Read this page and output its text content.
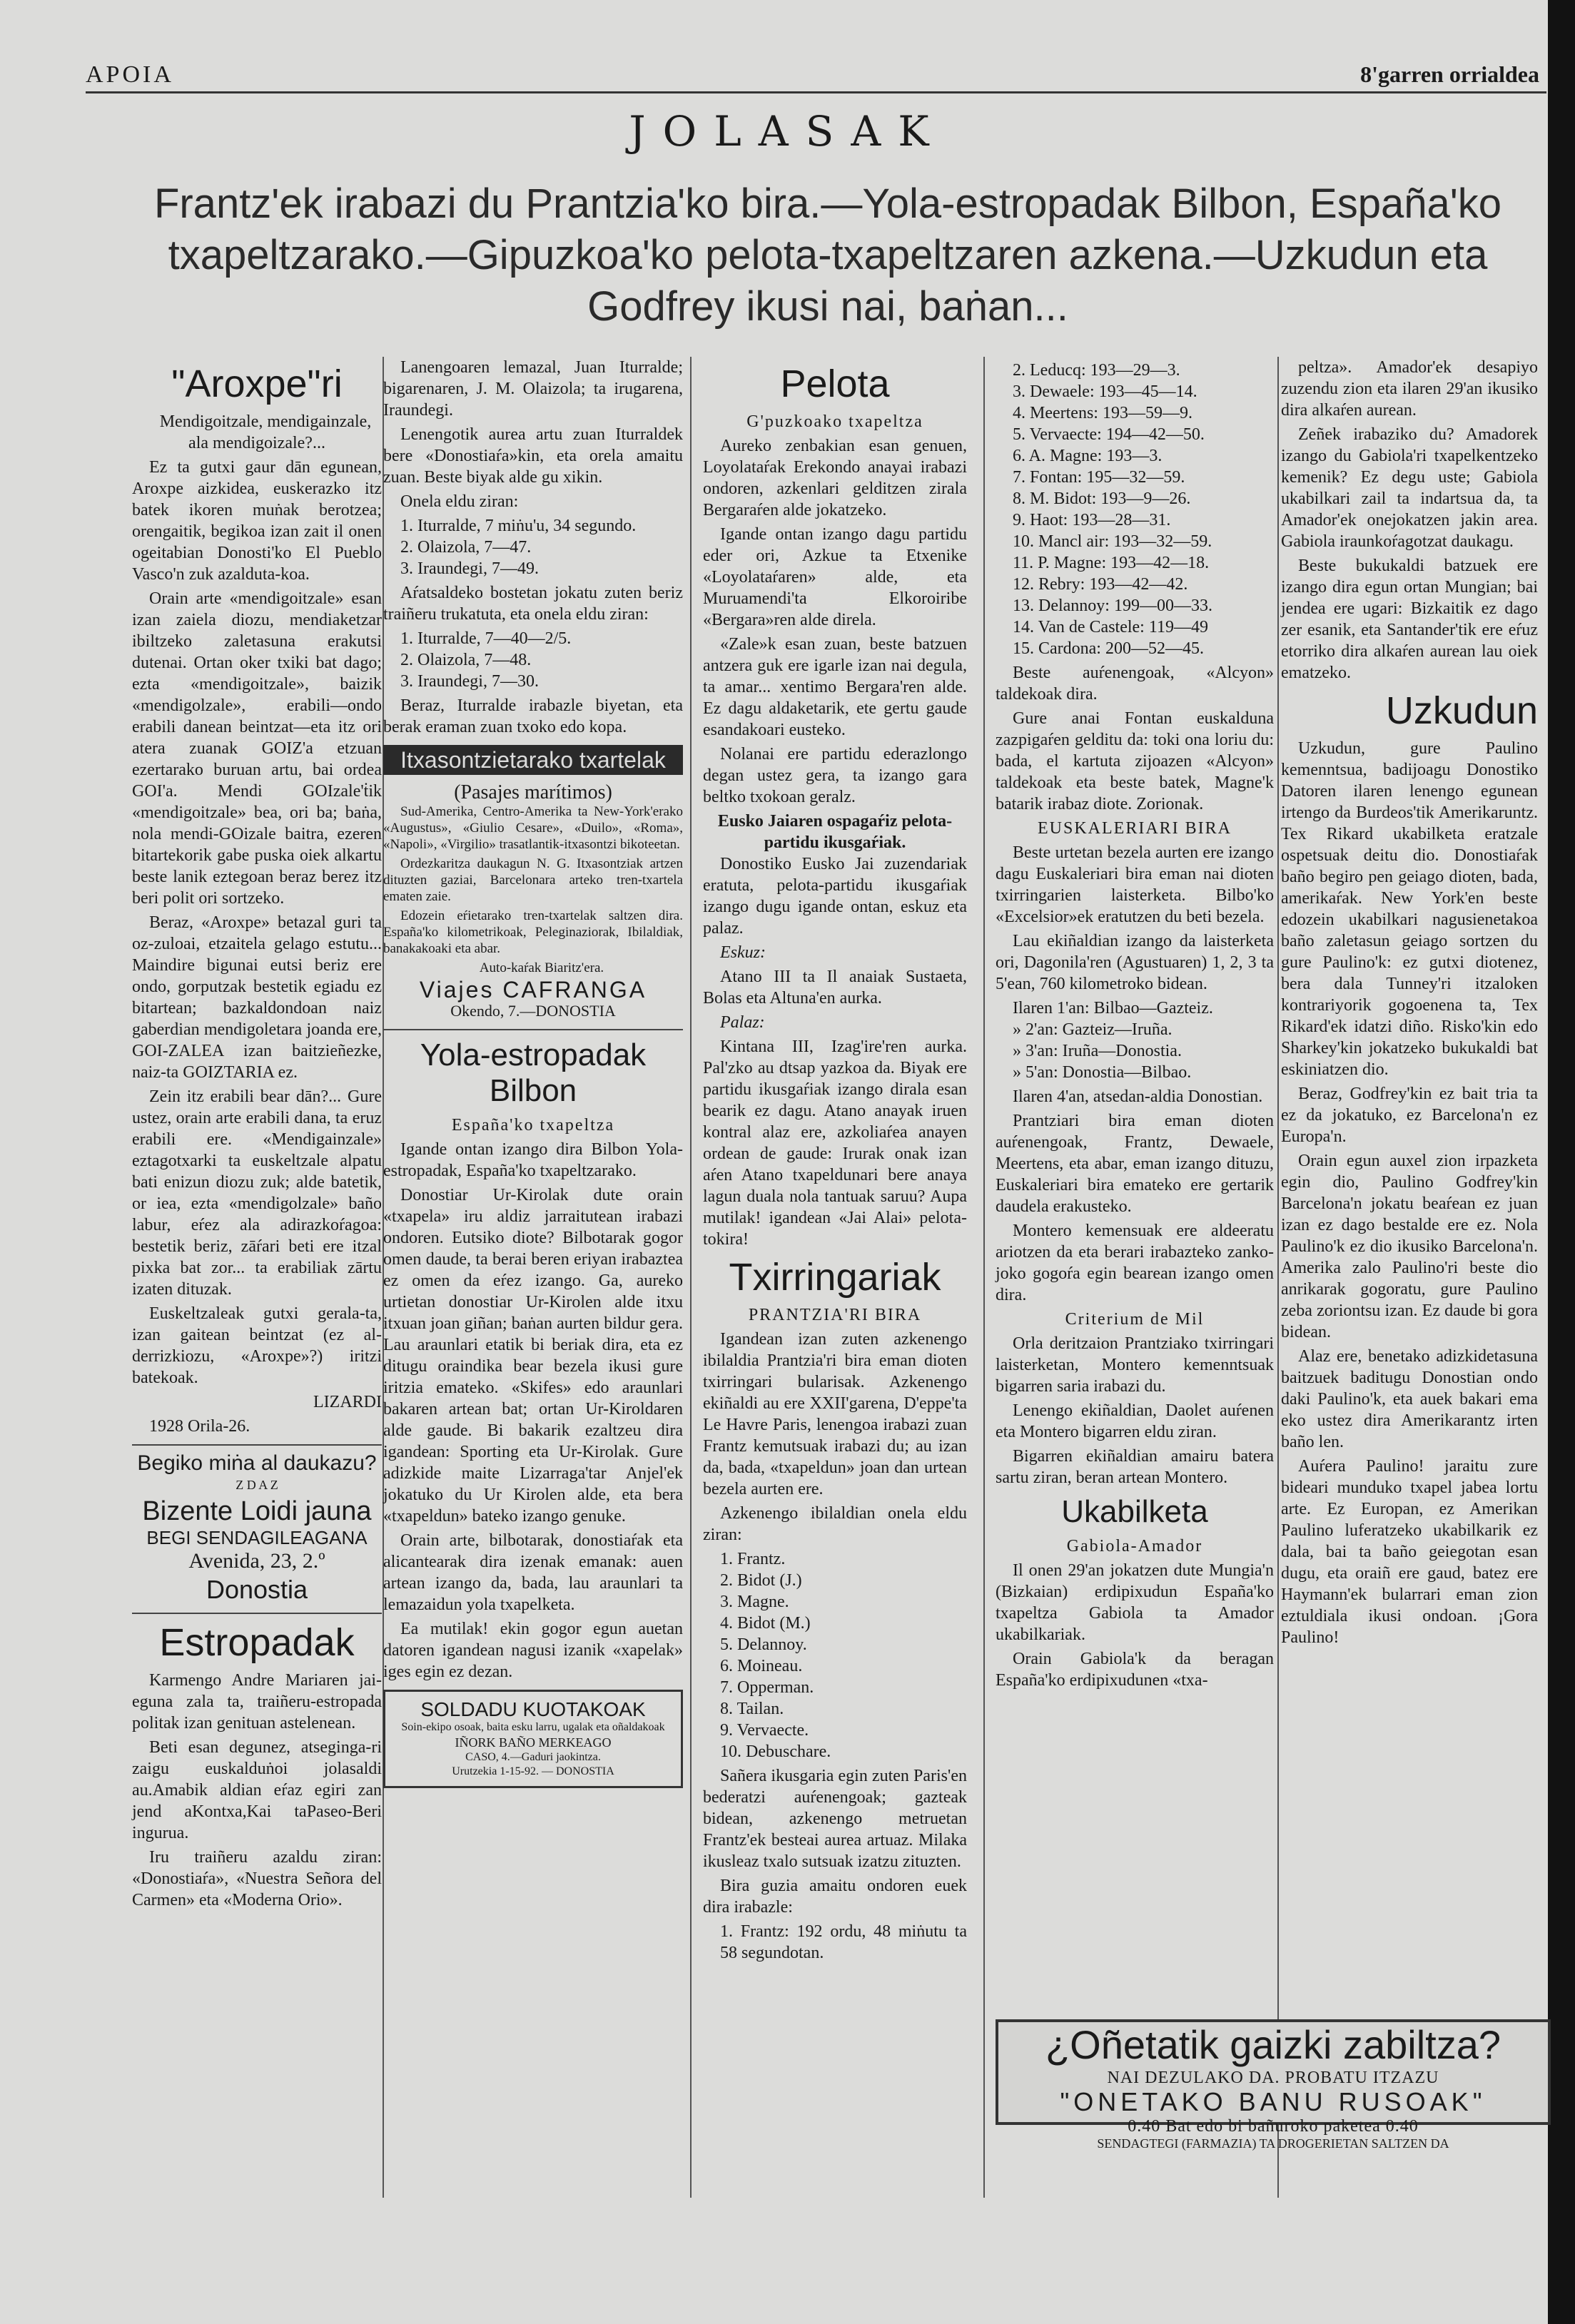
APOIA	8'garren orrialdea
JOLASAK
Frantz'ek irabazi du Prantzia'ko bira.—Yola-estropadak Bilbon, España'ko txapeltzarako.—Gipuzkoa'ko pelota-txapeltzaren azkena.—Uzkudun eta Godfrey ikusi nai, baṅan...
"Aroxpe"ri

Mendigoitzale, mendigainzale, ala mendigoizale?...

Ez ta gutxi gaur dān egunean, Aroxpe aizkidea, euskerazko itz batek ikoren muṅak berotzea; orengaitik, begikoa izan zait il onen ogeitabian Donosti'ko El Pueblo Vasco'n zuk azalduta-koa.

Orain arte «mendigoitzale» esan izan zaiela diozu, mendiaketzar ibiltzeko zaletasuna erakutsi dutenai. Ortan oker txiki bat dago; ezta «mendigoitzale», baizik «mendigolzale», erabili—ondo erabili danean beintzat—eta itz ori atera zuanak GOIZ'a etzuan ezertarako buruan artu, bai ordea GOI'a. Mendi GOIzale'ṫik «mendigoitzale» bea, ori ba; baṅa, nola mendi-GOizale baitra, ezeren bitartekorik gabe puska oiek alkartu beste lanik eztegoan beraz berez itz beri polit ori sortzeko.

Beraz, «Aroxpe» betazal guri ta oz-zuloai, etzaitela gelago estutu... Maindire bigunai eutsi beriz ere ondo, gorputzak bestetik egiadu ez bitartean; bazkaldondoan naiz gaberdian mendigoletara joanda ere, GOI-ZALEA izan baitzieñezke, naiz-ta GOIZTARIA ez.

Zein itz erabili bear dān?... Gure ustez, orain arte erabili dana, ta eruz erabili ere. «Mendigainzale» eztagotxarki ta euskeltzale alpatu bati enizun diozu zuk; alde batetik, or iea, ezta «mendigolzale» baño labur, eŕez ala adirazkoŕagoa: bestetik beriz, zāŕari beti ere itzal pixka bat zor... ta erabiliak zārtu izaten dituzak.

Euskeltzaleak gutxi gerala-ta, izan gaitean beintzat (ez al-derrizkiozu, «Aroxpe»?) iritzi batekoak.

LIZARDI

1928 Orila-26.

Begiko miṅa al daukazu?
Z D A Z
Bizente Loidi jauna
BEGI SENDAGILEAGANA
Avenida, 23, 2.º
Donostia
Estropadak

Karmengo Andre Mariaren jai-eguna zala ta, traiñeru-estropada politak izan genituan astelenean.

Beti esan degunez, atseginga-ri zaigu euskalduṅoi jolasaldi au.Amabik aldian eŕaz egiri zan jend aKontxa,Kai taPaseo-Beri ingurua.

Iru traiñeru azaldu ziran: «Donostiaŕa», «Nuestra Señora del Carmen» eta «Moderna Orio».

Lanengoaren lemazal, Juan Iturralde; bigarenaren, J. M. Olaizola; ta irugarena, Iraundegi.

Lenengotik aurea artu zuan Iturraldek bere «Donostiaŕa»kin, eta orela amaitu zuan. Beste biyak alde gu xikin.

Onela eldu ziran:

1. Iturralde, 7 miṅu'u, 34 segundo.
2. Olaizola, 7—47.
3. Iraundegi, 7—49.

Aŕatsaldeko bostetan jokatu zuten beriz traiñeru trukatuta, eta onela eldu ziran:

1. Iturralde, 7—40—2/5.
2. Olaizola, 7—48.
3. Iraundegi, 7—30.

Beraz, Iturralde irabazle biyetan, eta berak eraman zuan txoko edo kopa.

Itxasontzietarako txartelak
(Pasajes marítimos)

Sud-Amerika, Centro-Amerika ta New-York'erako «Augustus», «Giulio Cesare», «Duilo», «Roma», «Napoli», «Virgilio» trasatlantik-itxasontzi bikoteetan.

Ordezkaritza daukagun N. G. Itxasontziak artzen dituzten gaziai, Barcelonara arteko tren-txartela ematen zaie.

Edozein eŕietarako tren-txartelak saltzen dira. España'ko kilometrikoak, Peleginaziorak, Ibilaldiak, banakakoaki eta abar.

Auto-kaŕak Biaritz'era.

Viajes CAFRANGA
Okendo, 7.—DONOSTIA
Yola-estropadak Bilbon
España'ko txapeltza

Igande ontan izango dira Bilbon Yola-estropadak, España'ko txapeltzarako.

Donostiar Ur-Kirolak dute orain «txapela» iru aldiz jarraitutean irabazi ondoren. Eutsiko diote? Bilbotarak gogor omen daude, ta berai beren eriyan irabaztea ez omen da eŕez izango. Ga, aureko urtietan donostiar Ur-Kirolen alde itxu itxuan joan giñan; baṅan aurten bildur gera. Lau araunlari etatik bi beriak dira, eta ez ditugu oraindika bear bezela ikusi gure iritzia emateko. «Skifes» edo araunlari bakaren artean bat; ortan Ur-Kiroldaren alde gaude. Bi bakarik ezaltzeu dira igandean: Sporting eta Ur-Kirolak. Gure adizkide maite Lizarraga'tar Anjel'ek jokatuko du Ur Kirolen alde, eta bera «txapeldun» bateko izango genuke.

Orain arte, bilbotarak, donostiaŕak eta alicantearak dira izenak emanak: auen artean izango da, bada, lau araunlari ta lemazaidun yola txapelketa.

Ea mutilak! ekin gogor egun auetan datoren igandean nagusi izanik «xapelak» iges egin ez dezan.

SOLDADU KUOTAKOAK
Soin-ekipo osoak, baita esku larru, ugalak eta oñaldakoak
IÑORK BAÑO MERKEAGO
CASO, 4.—Gaduri jaokintza.
Urutzekia 1-15-92. — DONOSTIA
Pelota
G'puzkoako txapeltza

Aureko zenbakian esan genuen, Loyolataŕak Erekondo anayai irabazi ondoren, azkenlari gelditzen zirala Bergaraŕen alde jokatzeko.

Igande ontan izango dagu partidu eder ori, Azkue ta Etxenike «Loyolataŕaren» alde, eta Muruamendi'ta Elkoroiribe «Bergara»ren alde direla.

«Zale»k esan zuan, beste batzuen antzera guk ere igarle izan nai degula, ta amar... xentimo Bergara'ren alde. Ez dagu aldaketarik, ete gertu gaude esandakoari eusteko.

Nolanai ere partidu ederazlongo degan ustez gera, ta izango gara beltko txokoan geralz.

Eusko Jaiaren ospagaŕiz pelota-partidu ikusgaŕiak.

Donostiko Eusko Jai zuzendariak eratuta, pelota-partidu ikusgaŕiak izango dugu igande ontan, eskuz eta palaz.

Eskuz:

Atano III ta Il anaiak Sustaeta, Bolas eta Altuna'en aurka.

Palaz:

Kintana III, Izag'ire'ren aurka. Pal'zko au dtsap yazkoa da. Biyak ere partidu ikusgaŕiak izango dirala esan bearik ez dagu. Atano anayak iruen kontral alaz ere, azkoliaŕea anayen ordean de gaude: Irurak onak izan aŕen Atano txapeldunari bere anaya lagun duala nola tantuak saruu? Aupa mutilak! igandean «Jai Alai» pelota-tokira!

Txirringariak
PRANTZIA'RI BIRA

Igandean izan zuten azkenengo ibilaldia Prantzia'ri bira eman dioten txirringari bularisak. Azkenengo ekiñaldi au ere XXII'garena, D'eppe'ta Le Havre Paris, lenengoa irabazi zuan Frantz kemutsuak irabazi du; au izan da, bada, «txapeldun» joan dan urtean bezela aurten ere.

Azkenengo ibilaldian onela eldu ziran:

1. Frantz.
2. Bidot (J.)
3. Magne.
4. Bidot (M.)
5. Delannoy.
6. Moineau.
7. Opperman.
8. Tailan.
9. Vervaecte.
10. Debuschare.

Sañera ikusgaria egin zuten Paris'en bederatzi auŕenengoak; gazteak bidean, azkenengo metruetan Frantz'ek besteai aurea artuaz. Milaka ikusleaz txalo sutsuak izatzu zituzten.

Bira guzia amaitu ondoren euek dira irabazle:

1. Frantz: 192 ordu, 48 miṅutu ta 58 segundotan.
2. Leducq: 193—29—3.
3. Dewaele: 193—45—14.
4. Meertens: 193—59—9.
5. Vervaecte: 194—42—50.
6. A. Magne: 193—3.
7. Fontan: 195—32—59.
8. M. Bidot: 193—9—26.
9. Haot: 193—28—31.
10. Mancl air: 193—32—59.
11. P. Magne: 193—42—18.
12. Rebry: 193—42—42.
13. Delannoy: 199—00—33.
14. Van de Castele: 119—49
15. Cardona: 200—52—45.

Beste auŕenengoak, «Alcyon» taldekoak dira.

Gure anai Fontan euskalduna zazpigaŕen gelditu da: toki ona loriu du: bada, el kartuta zijoazen «Alcyon» taldekoak eta beste batek, Magne'k batarik irabaz diote. Zorionak.

EUSKALERIARI BIRA

Beste urtetan bezela aurten ere izango dagu Euskaleriari bira eman nai dioten txirringarien laisterketa. Bilbo'ko «Excelsior»ek eratutzen du beti bezela.

Lau ekiñaldian izango da laisterketa ori, Dagonila'ren (Agustuaren) 1, 2, 3 ta 5'ean, 760 kilometroko bidean.

Ilaren 1'an: Bilbao—Gazteiz.
» 2'an: Gazteiz—Iruña.
» 3'an: Iruña—Donostia.
» 5'an: Donostia—Bilbao.

Ilaren 4'an, atsedan-aldia Donostian.

Prantziari bira eman dioten auŕenengoak, Frantz, Dewaele, Meertens, eta abar, eman izango dituzu, Euskaleriari bira emateko ere gertarik daudela erakusteko.

Montero kemensuak ere aldeeratu ariotzen da eta berari irabazteko zanko-joko gogoŕa egin bearean izango omen dira.

Criterium de Mil

Orla deritzaion Prantziako txirringari laisterketan, Montero kemenntsuak bigarren saria irabazi du.

Lenengo ekiñaldian, Daolet auŕenen eta Montero bigarren eldu ziran.

Bigarren ekiñaldian amairu batera sartu ziran, beran artean Montero.

Ukabilketa
Gabiola-Amador

Il onen 29'an jokatzen dute Mungia'n (Bizkaian) erdipixudun España'ko txapeltza Gabiola ta Amador ukabilkariak.

Orain Gabiola'k da beragan España'ko erdipixudunen «txa-

peltza». Amador'ek desapiyo zuzendu zion eta ilaren 29'an ikusiko dira alkaŕen aurean.

Zeñek irabaziko du? Amadorek izango du Gabiola'ri txapelkentzeko kemenik? Ez degu uste; Gabiola ukabilkari zail ta indartsua da, ta Amador'ek onejokatzen jakin area. Gabiola iraunkoŕagotzat daukagu.

Beste bukukaldi batzuek ere izango dira egun ortan Mungian; bai jendea ere ugari: Bizkaitik ez dago zer esanik, eta Santander'tik ere eŕuz etorriko dira alkaŕen aurean lau oiek ematzeko.

Uzkudun

Uzkudun, gure Paulino kemenntsua, badijoagu Donostiko Datoren ilaren lenengo egunean irtengo da Burdeos'tik Amerikaruntz. Tex Rikard ukabilketa eratzale ospetsuak deitu dio. Donostiaŕak baño begiro pen geiago dioten, bada, amerikaŕak. New York'en beste edozein ukabilkari nagusienetakoa baño zaletasun geiago sortzen du gure Paulino'k: ez gutxi diotenez, bera dala Tunney'ri itzaloken kontrariyorik gogoenena ta, Tex Rikard'ek idatzi diño. Risko'kin edo Sharkey'kin jokatzeko bukukaldi bat eskiniatzen dio.

Beraz, Godfrey'kin ez bait tria ta ez da jokatuko, ez Barcelona'n ez Europa'n.

Orain egun auxel zion irpazketa egin dio, Paulino Godfrey'kin Barcelona'n jokatu beaŕean ez juan izan ez dago bestalde ere ez. Nola Paulino'k ez dio ikusiko Barcelona'n. Amerika zalo Paulino'ri beste dio anrikarak gogoratu, gure Paulino zeba zoriontsu izan. Ez daude bi gora bidean.

Alaz ere, benetako adizkidetasuna baitzuek baditugu Donostian ondo daki Paulino'k, eta auek bakari ema eko ustez dira Amerikarantz irten baño len.

Auŕera Paulino! jaraitu zure bideari munduko txapel jabea lortu arte. Ez Europan, ez Amerikan Paulino luferatzeko ukabilkarik ez dala, bai ta baño geiegotan esan dugu, eta oraiñ ere gaud, batez ere Haymann'ek bularrari eman zion eztuldiala ikusi ondoan. ¡Gora Paulino!

¿Oñetatik gaizki zabiltza?
NAI DEZULAKO DA. PROBATU ITZAZU
"ONETAKO BANU RUSOAK"
0.40 Bat edo bi bañuroko paketea 0.40
SENDAGTEGI (FARMAZIA) TA DROGERIETAN SALTZEN DA
